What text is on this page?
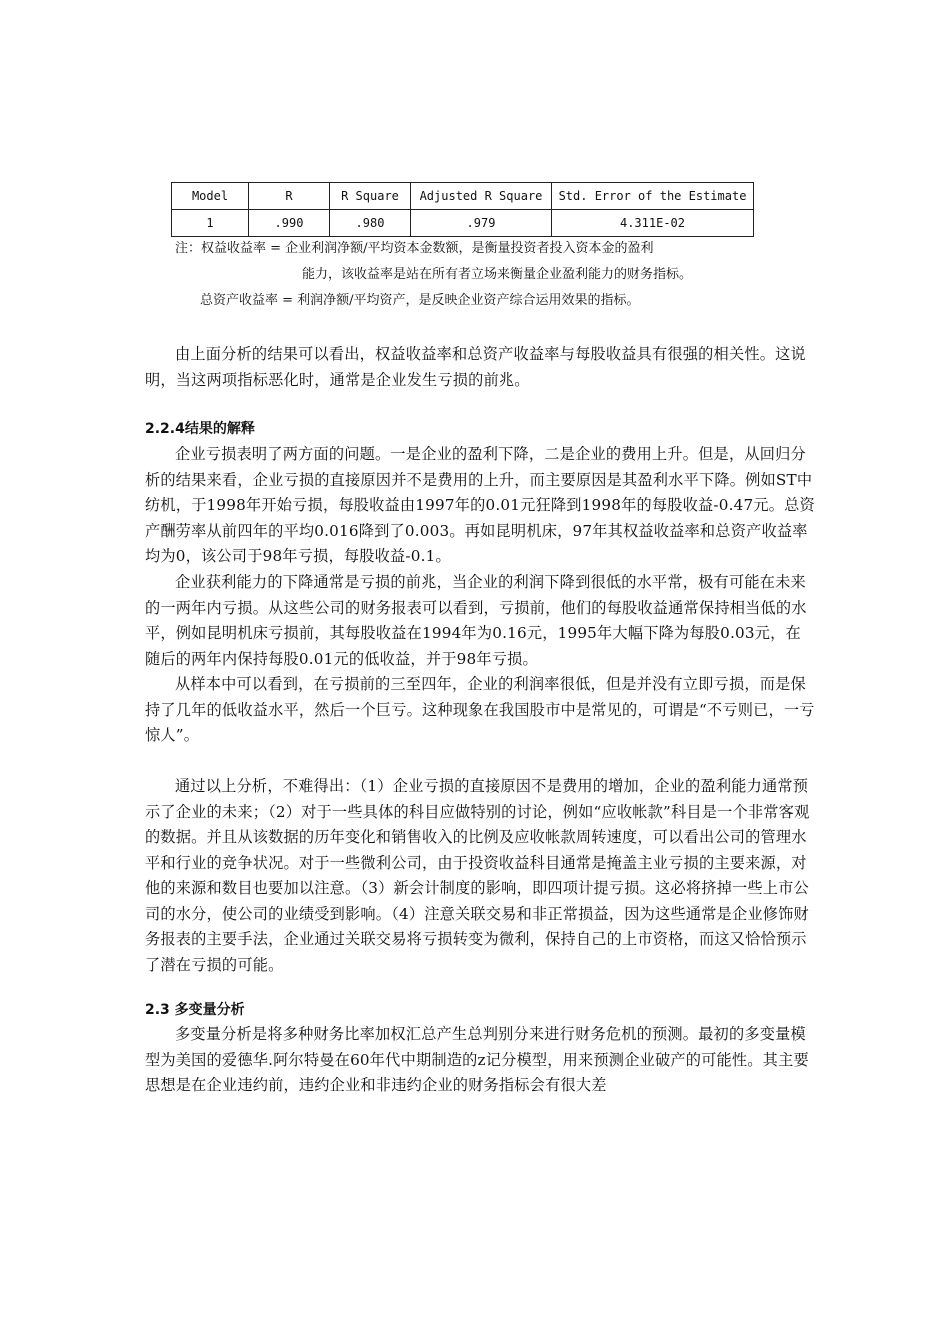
Model	R	R Square	Adjusted R Square	Std. Error of the Estimate
1	.990	.980	.979	4.311E-02
注：权益收益率 = 企业利润净额/平均资本金数额，是衡量投资者投入资本金的盈利
能力，该收益率是站在所有者立场来衡量企业盈利能力的财务指标。
总资产收益率 = 利润净额/平均资产，是反映企业资产综合运用效果的指标。

由上面分析的结果可以看出，权益收益率和总资产收益率与每股收益具有很强的相关性。这说明，当这两项指标恶化时，通常是企业发生亏损的前兆。

2.2.4结果的解释

企业亏损表明了两方面的问题。一是企业的盈利下降，二是企业的费用上升。但是，从回归分析的结果来看，企业亏损的直接原因并不是费用的上升，而主要原因是其盈利水平下降。例如ST中纺机，于1998年开始亏损，每股收益由1997年的0.01元狂降到1998年的每股收益-0.47元。总资产酬劳率从前四年的平均0.016降到了0.003。再如昆明机床，97年其权益收益率和总资产收益率均为0，该公司于98年亏损，每股收益-0.1。

企业获利能力的下降通常是亏损的前兆，当企业的利润下降到很低的水平常，极有可能在未来的一两年内亏损。从这些公司的财务报表可以看到，亏损前，他们的每股收益通常保持相当低的水平，例如昆明机床亏损前，其每股收益在1994年为0.16元，1995年大幅下降为每股0.03元，在随后的两年内保持每股0.01元的低收益，并于98年亏损。

从样本中可以看到，在亏损前的三至四年，企业的利润率很低，但是并没有立即亏损，而是保持了几年的低收益水平，然后一个巨亏。这种现象在我国股市中是常见的，可谓是“不亏则已，一亏惊人”。

通过以上分析，不难得出：（1）企业亏损的直接原因不是费用的增加，企业的盈利能力通常预示了企业的未来；（2）对于一些具体的科目应做特别的讨论，例如“应收帐款”科目是一个非常客观的数据。并且从该数据的历年变化和销售收入的比例及应收帐款周转速度，可以看出公司的管理水平和行业的竞争状况。对于一些微利公司，由于投资收益科目通常是掩盖主业亏损的主要来源，对他的来源和数目也要加以注意。（3）新会计制度的影响，即四项计提亏损。这必将挤掉一些上市公司的水分，使公司的业绩受到影响。（4）注意关联交易和非正常损益，因为这些通常是企业修饰财务报表的主要手法，企业通过关联交易将亏损转变为微利，保持自己的上市资格，而这又恰恰预示了潜在亏损的可能。

2.3 多变量分析

多变量分析是将多种财务比率加权汇总产生总判别分来进行财务危机的预测。最初的多变量模型为美国的爱德华.阿尔特曼在60年代中期制造的z记分模型，用来预测企业破产的可能性。其主要思想是在企业违约前，违约企业和非违约企业的财务指标会有很大差
